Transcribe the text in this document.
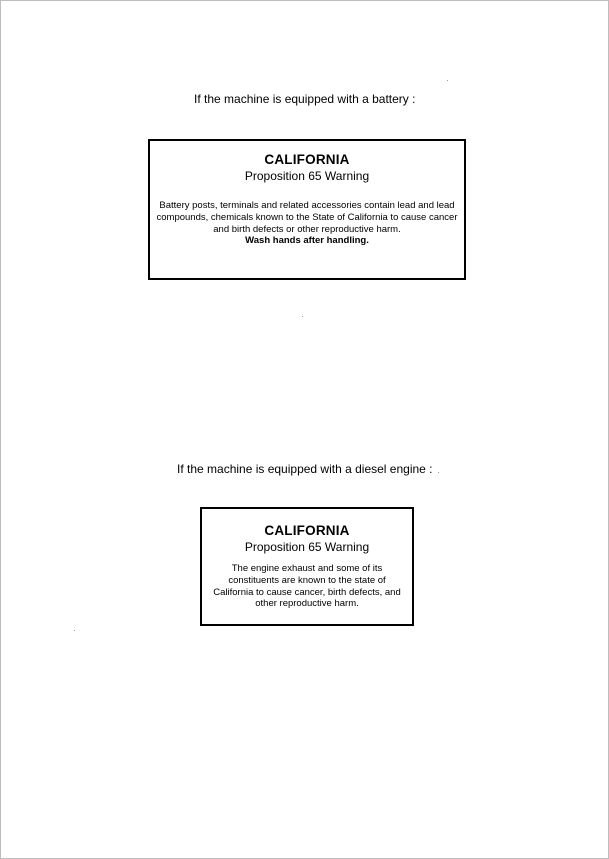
If the machine is equipped with a battery :
CALIFORNIA
Proposition 65 Warning
Battery posts, terminals and related accessories contain lead and lead compounds, chemicals known to the State of California to cause cancer and birth defects or other reproductive harm.
Wash hands after handling.
If the machine is equipped with a diesel engine :
CALIFORNIA
Proposition 65 Warning
The engine exhaust and some of its constituents are known to the state of California to cause cancer, birth defects, and other reproductive harm.
